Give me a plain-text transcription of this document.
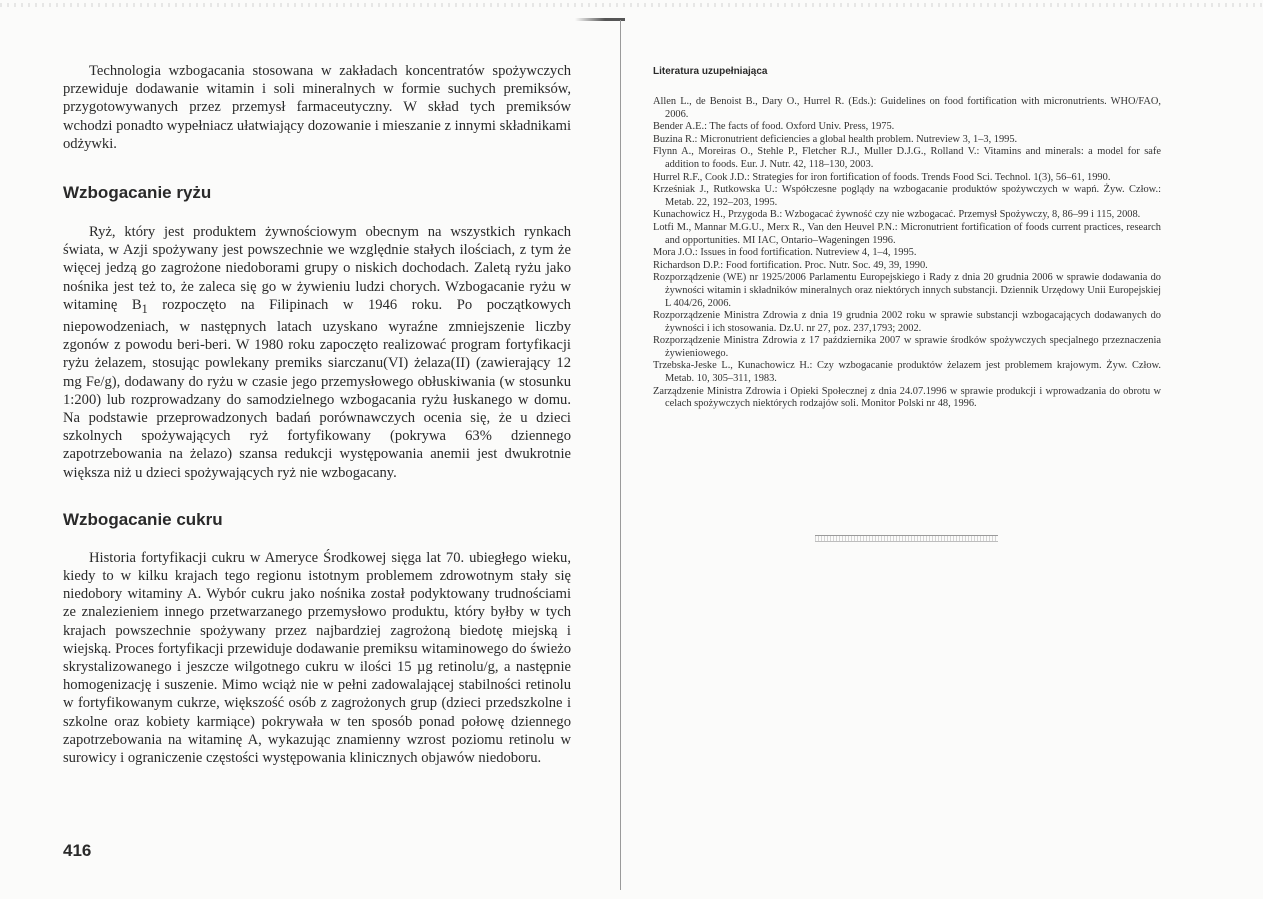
Technologia wzbogacania stosowana w zakładach koncentratów spożywczych przewiduje dodawanie witamin i soli mineralnych w formie suchych premiksów, przygotowywanych przez przemysł farmaceutyczny. W skład tych premiksów wchodzi ponadto wypełniacz ułatwiający dozowanie i mieszanie z innymi składnikami odżywki.

Wzbogacanie ryżu

Ryż, który jest produktem żywnościowym obecnym na wszystkich rynkach świata, w Azji spożywany jest powszechnie we względnie stałych ilościach, z tym że więcej jedzą go zagrożone niedoborami grupy o niskich dochodach. Zaletą ryżu jako nośnika jest też to, że zaleca się go w żywieniu ludzi chorych. Wzbogacanie ryżu w witaminę $B_1$ rozpoczęto na Filipinach w 1946 roku. Po początkowych niepowodzeniach, w następnych latach uzyskano wyraźne zmniejszenie liczby zgonów z powodu beri-beri. W 1980 roku zapoczęto realizować program fortyfikacji ryżu żelazem, stosując powlekany premiks siarczanu(VI) żelaza(II) (zawierający 12 mg Fe/g), dodawany do ryżu w czasie jego przemysłowego obłuskiwania (w stosunku 1:200) lub rozprowadzany do samodzielnego wzbogacania ryżu łuskanego w domu. Na podstawie przeprowadzonych badań porównawczych ocenia się, że u dzieci szkolnych spożywających ryż fortyfikowany (pokrywa 63% dziennego zapotrzebowania na żelazo) szansa redukcji występowania anemii jest dwukrotnie większa niż u dzieci spożywających ryż nie wzbogacany.

Wzbogacanie cukru

Historia fortyfikacji cukru w Ameryce Środkowej sięga lat 70. ubiegłego wieku, kiedy to w kilku krajach tego regionu istotnym problemem zdrowotnym stały się niedobory witaminy A. Wybór cukru jako nośnika został podyktowany trudnościami ze znalezieniem innego przetwarzanego przemysłowo produktu, który byłby w tych krajach powszechnie spożywany przez najbardziej zagrożoną biedotę miejską i wiejską. Proces fortyfikacji przewiduje dodawanie premiksu witaminowego do świeżo skrystalizowanego i jeszcze wilgotnego cukru w ilości 15 µg retinolu/g, a następnie homogenizację i suszenie. Mimo wciąż nie w pełni zadowalającej stabilności retinolu w fortyfikowanym cukrze, większość osób z zagrożonych grup (dzieci przedszkolne i szkolne oraz kobiety karmiące) pokrywała w ten sposób ponad połowę dziennego zapotrzebowania na witaminę A, wykazując znamienny wzrost poziomu retinolu w surowicy i ograniczenie częstości występowania klinicznych objawów niedoboru.

416
Literatura uzupełniająca
Allen L., de Benoist B., Dary O., Hurrel R. (Eds.): Guidelines on food fortification with micronutrients. WHO/FAO, 2006.
Bender A.E.: The facts of food. Oxford Univ. Press, 1975.
Buzina R.: Micronutrient deficiencies a global health problem. Nutreview 3, 1–3, 1995.
Flynn A., Moreiras O., Stehle P., Fletcher R.J., Muller D.J.G., Rolland V.: Vitamins and minerals: a model for safe addition to foods. Eur. J. Nutr. 42, 118–130, 2003.
Hurrel R.F., Cook J.D.: Strategies for iron fortification of foods. Trends Food Sci. Technol. 1(3), 56–61, 1990.
Krześniak J., Rutkowska U.: Współczesne poglądy na wzbogacanie produktów spożywczych w wapń. Żyw. Człow.: Metab. 22, 192–203, 1995.
Kunachowicz H., Przygoda B.: Wzbogacać żywność czy nie wzbogacać. Przemysł Spożywczy, 8, 86–99 i 115, 2008.
Lotfi M., Mannar M.G.U., Merx R., Van den Heuvel P.N.: Micronutrient fortification of foods current practices, research and opportunities. MI IAC, Ontario–Wageningen 1996.
Mora J.O.: Issues in food fortification. Nutreview 4, 1–4, 1995.
Richardson D.P.: Food fortification. Proc. Nutr. Soc. 49, 39, 1990.
Rozporządzenie (WE) nr 1925/2006 Parlamentu Europejskiego i Rady z dnia 20 grudnia 2006 w sprawie dodawania do żywności witamin i składników mineralnych oraz niektórych innych substancji. Dziennik Urzędowy Unii Europejskiej L 404/26, 2006.
Rozporządzenie Ministra Zdrowia z dnia 19 grudnia 2002 roku w sprawie substancji wzbogacających dodawanych do żywności i ich stosowania. Dz.U. nr 27, poz. 237,1793; 2002.
Rozporządzenie Ministra Zdrowia z 17 października 2007 w sprawie środków spożywczych specjalnego przeznaczenia żywieniowego.
Trzebska-Jeske L., Kunachowicz H.: Czy wzbogacanie produktów żelazem jest problemem krajowym. Żyw. Człow. Metab. 10, 305–311, 1983.
Zarządzenie Ministra Zdrowia i Opieki Społecznej z dnia 24.07.1996 w sprawie produkcji i wprowadzania do obrotu w celach spożywczych niektórych rodzajów soli. Monitor Polski nr 48, 1996.
